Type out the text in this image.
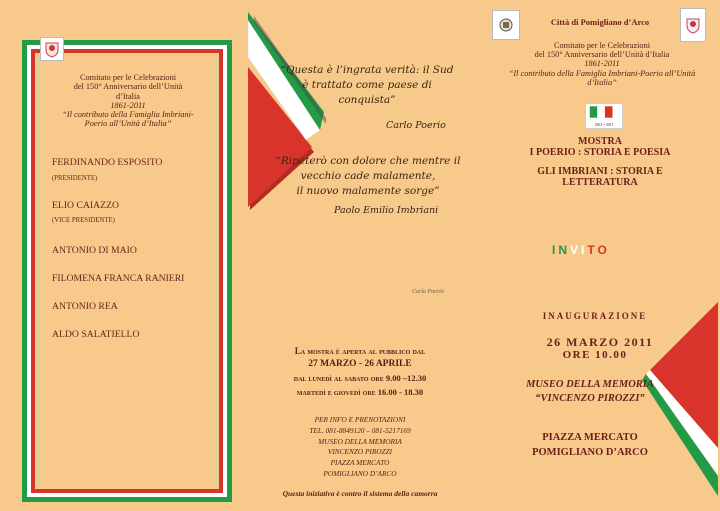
Comitato per le Celebrazioni
del 150° Anniversario dell’Unità
d’Italia
1861-2011
“Il contributo della Famiglia Imbriani-
Poerio all’Unità d’Italia”
FERDINANDO ESPOSITO
(PRESIDENTE)
ELIO CAIAZZO
(VICE PRESIDENTE)
ANTONIO DI MAIO
FILOMENA FRANCA RANIERI
ANTONIO REA
ALDO SALATIELLO
“Questa è l’ingrata verità: il Sud
è trattato come paese di
conquista”
Carlo Poerio
“Ripeterò con dolore che mentre il
vecchio cade malamente,
il nuovo malamente sorge”
Paolo Emilio Imbriani
Carlo Poerio
La mostra è aperta al pubblico dal
27 MARZO - 26 APRILE
dal lunedì al sabato ore 9.00 –12.30
martedì e giovedì ore 16.00 - 18.30
PER INFO E PRENOTAZIONI
TEL. 081-8849120 – 081-5217169
MUSEO DELLA MEMORIA
VINCENZO PIROZZI
PIAZZA MERCATO
POMIGLIANO D’ARCO
Questa iniziativa è contro il sistema della camorra
Città di Pomigliano d’Arco
Comitato per le Celebrazioni
del 150° Anniversario dell’Unità d’Italia
1861-2011
“Il contributo della Famiglia Imbriani-Poerio all’Unità
d’Italia”
1861 • 2011
MOSTRA
I POERIO : STORIA E POESIA
GLI IMBRIANI : STORIA E
LETTERATURA
INVITO
INAUGURAZIONE
26 MARZO 2011
ORE 10.00
MUSEO DELLA MEMORIA
“VINCENZO PIROZZI”
PIAZZA MERCATO
POMIGLIANO D’ARCO
